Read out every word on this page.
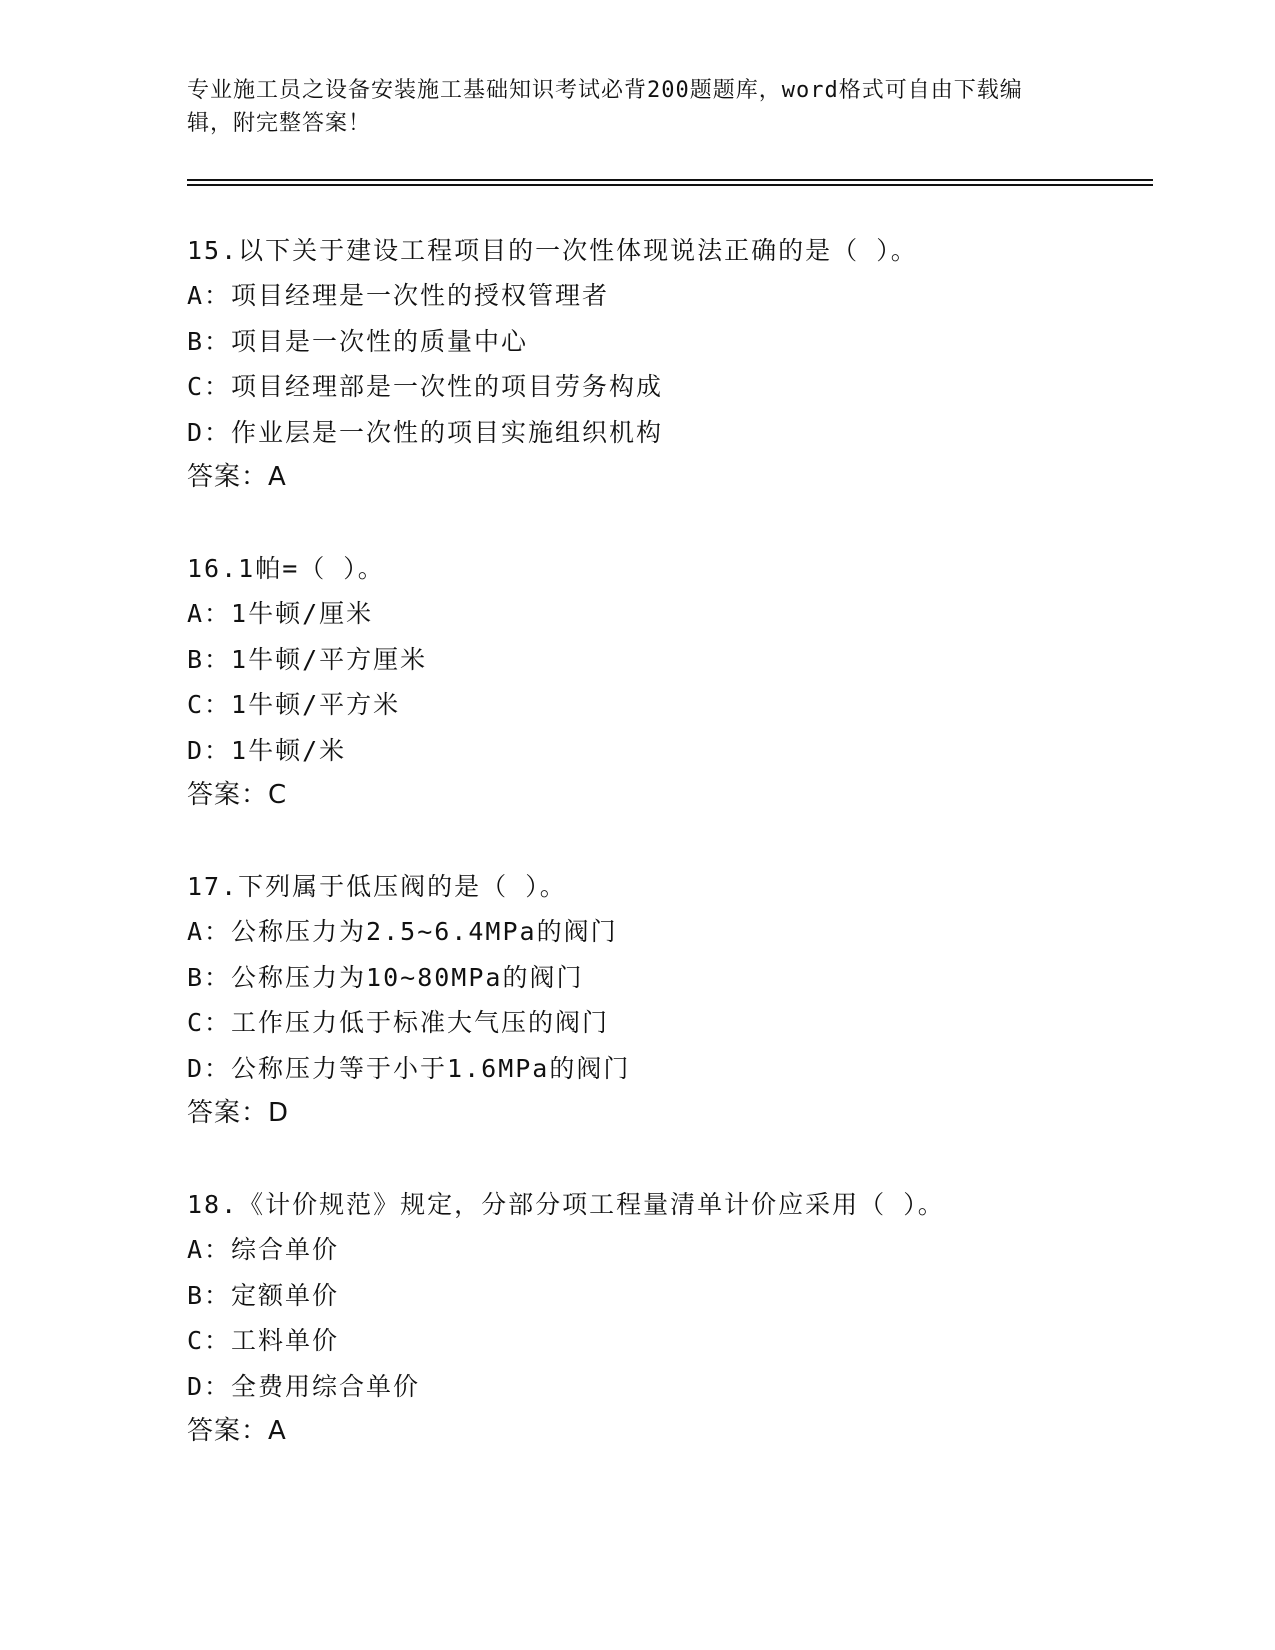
专业施工员之设备安装施工基础知识考试必背200题题库，word格式可自由下载编辑，附完整答案！
15.以下关于建设工程项目的一次性体现说法正确的是（ ）。
A：项目经理是一次性的授权管理者
B：项目是一次性的质量中心
C：项目经理部是一次性的项目劳务构成
D：作业层是一次性的项目实施组织机构
答案：A
16.1帕=（ ）。
A：1牛顿/厘米
B：1牛顿/平方厘米
C：1牛顿/平方米
D：1牛顿/米
答案：C
17.下列属于低压阀的是（ ）。
A：公称压力为2.5~6.4MPa的阀门
B：公称压力为10~80MPa的阀门
C：工作压力低于标准大气压的阀门
D：公称压力等于小于1.6MPa的阀门
答案：D
18.《计价规范》规定，分部分项工程量清单计价应采用（ ）。
A：综合单价
B：定额单价
C：工料单价
D：全费用综合单价
答案：A
